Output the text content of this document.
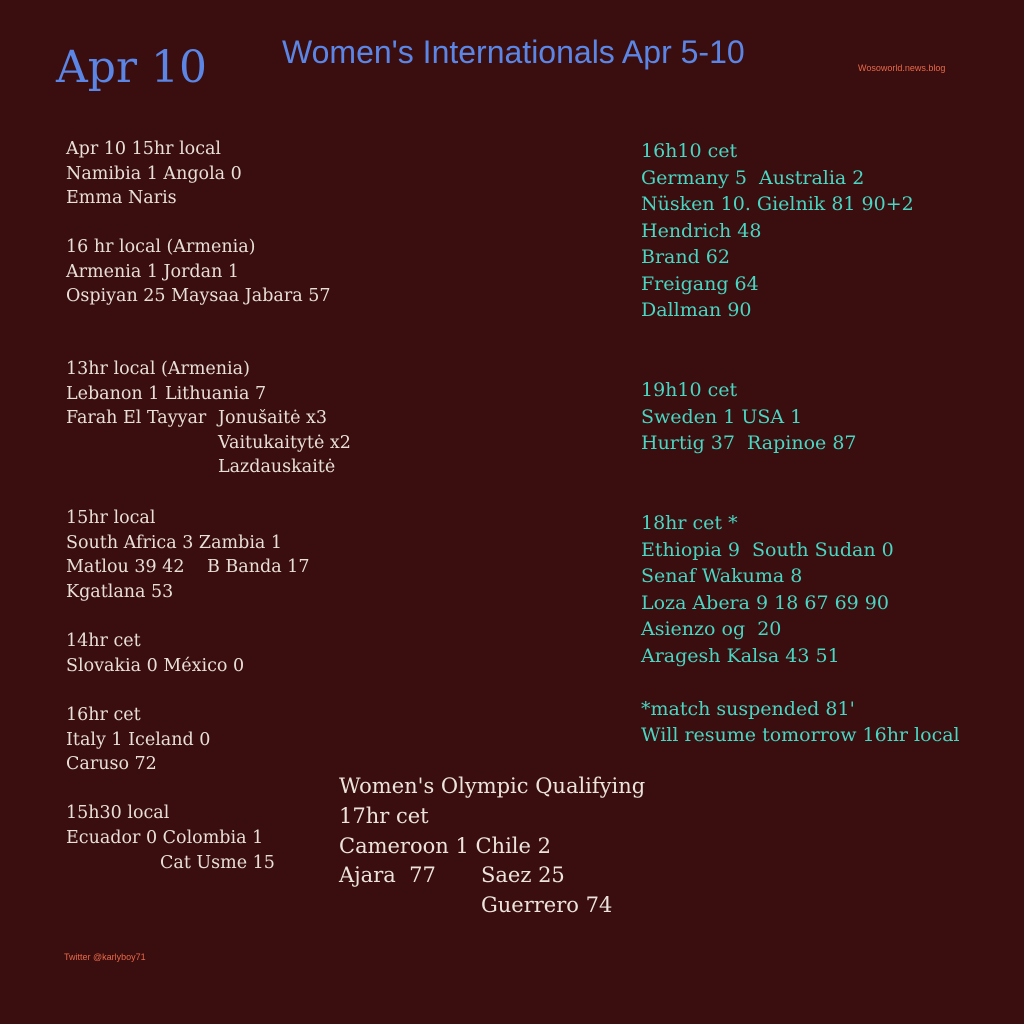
Apr 10 Women's Internationals Apr 5-10	Wosoworld.news.blog
Apr 10 15hr local
Namibia 1 Angola 0
Emma Naris
16 hr local (Armenia)
Armenia 1 Jordan 1
Ospiyan 25 Maysaa Jabara 57
13hr local (Armenia)
Lebanon 1 Lithuania 7
Farah El Tayyar Jonušaitė x3
Vaitukaitytė x2
Lazdauskaitė
15hr local
South Africa 3 Zambia 1
Matlou 39 42 B Banda 17
Kgatlana 53
14hr cet
Slovakia 0 México 0
16hr cet
Italy 1 Iceland 0
Caruso 72
15h30 local
Ecuador 0 Colombia 1
Cat Usme 15
16h10 cet
Germany 5  Australia 2
Nüsken 10. Gielnik 81 90+2
Hendrich 48
Brand 62
Freigang 64
Dallman 90
19h10 cet
Sweden 1 USA 1
Hurtig 37  Rapinoe 87
18hr cet *
Ethiopia 9  South Sudan 0
Senaf Wakuma 8
Loza Abera 9 18 67 69 90
Asienzo og  20
Aragesh Kalsa 43 51
*match suspended 81'
Will resume tomorrow 16hr local
Women's Olympic Qualifying
17hr cet
Cameroon 1 Chile 2
Ajara  77 Saez 25
Guerrero 74
Twitter @karlyboy71
